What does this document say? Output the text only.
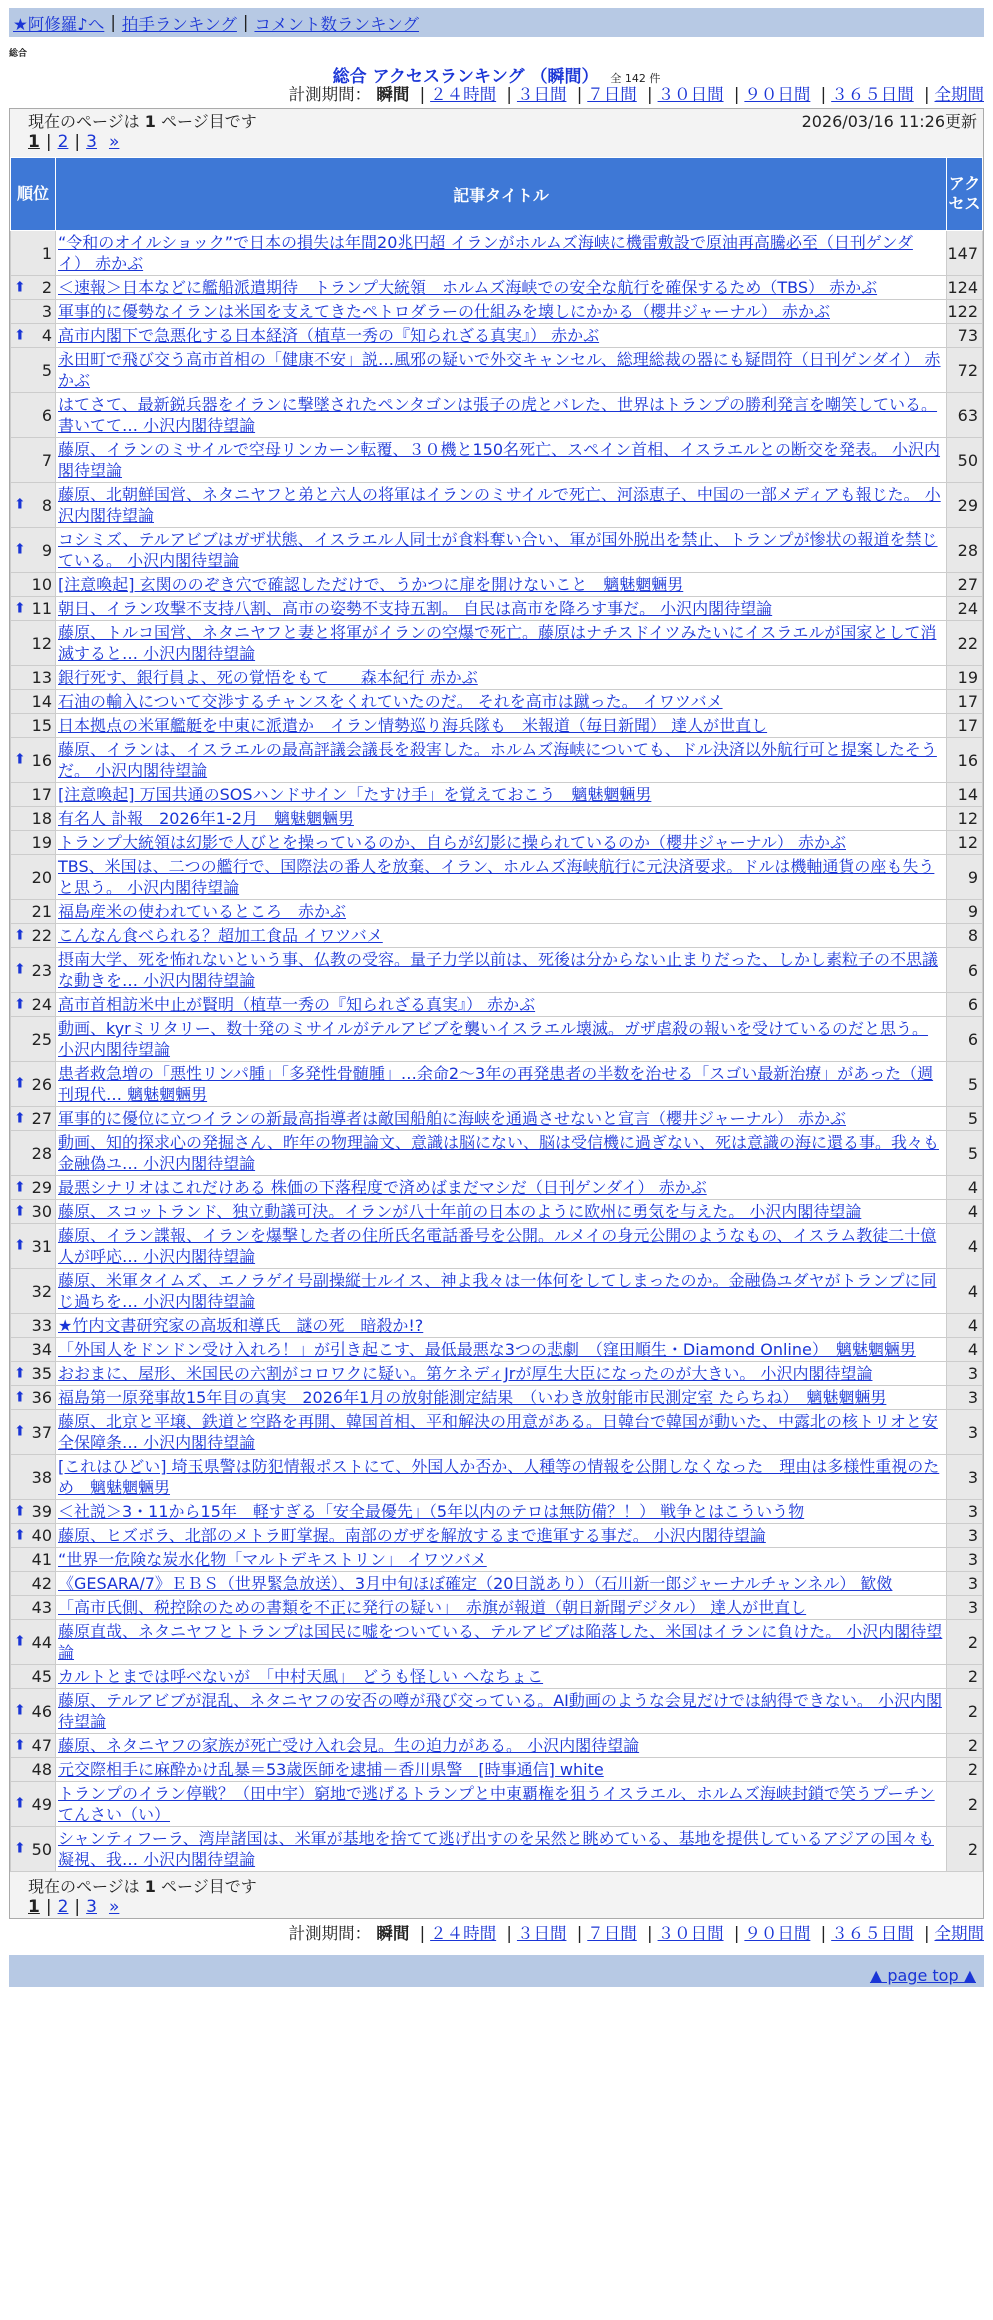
★阿修羅♪へ | 拍手ランキング | コメント数ランキング
総合
総合 アクセスランキング （瞬間） 全 142 件
計測期間： 瞬間 | ２４時間 | ３日間 | ７日間 | ３０日間 | ９０日間 | ３６５日間 | 全期間
現在のページは 1 ページ目です	2026/03/16 11:26更新
1 | 2 | 3 »
順位	記事タイトル	アクセス
1	“令和のオイルショック”で日本の損失は年間20兆円超 イランがホルムズ海峡に機雷敷設で原油再高騰必至（日刊ゲンダイ） 赤かぶ	147

⬆ 2	＜速報＞日本などに艦船派遣期待　トランプ大統領　ホルムズ海峡での安全な航行を確保するため（TBS） 赤かぶ	124
3	軍事的に優勢なイランは米国を支えてきたペトロダラーの仕組みを壊しにかかる（櫻井ジャーナル） 赤かぶ	122

⬆ 4	高市内閣下で急悪化する日本経済（植草一秀の『知られざる真実』） 赤かぶ	73
5	永田町で飛び交う高市首相の「健康不安」説…風邪の疑いで外交キャンセル、総理総裁の器にも疑問符（日刊ゲンダイ） 赤かぶ	72
6	はてさて、最新鋭兵器をイランに撃墜されたペンタゴンは張子の虎とバレた、世界はトランプの勝利発言を嘲笑している。書いてて… 小沢内閣待望論	63
7	藤原、イランのミサイルで空母リンカーン転覆、３０機と150名死亡、スペイン首相、イスラエルとの断交を発表。 小沢内閣待望論	50

⬆ 8	藤原、北朝鮮国営、ネタニヤフと弟と六人の将軍はイランのミサイルで死亡、河添恵子、中国の一部メディアも報じた。 小沢内閣待望論	29

⬆ 9	コシミズ、テルアビブはガザ状態、イスラエル人同士が食料奪い合い、軍が国外脱出を禁止、トランプが惨状の報道を禁じている。 小沢内閣待望論	28
10	[注意喚起] 玄関ののぞき穴で確認しただけで、うかつに扉を開けないこと　魑魅魍魎男	27

⬆ 11	朝日、イラン攻撃不支持八割、高市の姿勢不支持五割。 自民は高市を降ろす事だ。 小沢内閣待望論	24
12	藤原、トルコ国営、ネタニヤフと妻と将軍がイランの空爆で死亡。藤原はナチスドイツみたいにイスラエルが国家として消滅すると… 小沢内閣待望論	22
13	銀行死す、銀行員よ、死の覚悟をもて　　森本紀行 赤かぶ	19
14	石油の輸入について交渉するチャンスをくれていたのだ。 それを高市は蹴った。 イワツバメ	17
15	日本拠点の米軍艦艇を中東に派遣か　イラン情勢巡り海兵隊も　米報道（毎日新聞） 達人が世直し	17

⬆ 16	藤原、イランは、イスラエルの最高評議会議長を殺害した。ホルムズ海峡についても、ドル決済以外航行可と提案したそうだ。 小沢内閣待望論	16
17	[注意喚起] 万国共通のSOSハンドサイン「たすけ手」を覚えておこう　魑魅魍魎男	14
18	有名人 訃報　2026年1-2月　魑魅魍魎男	12
19	トランプ大統領は幻影で人びとを操っているのか、自らが幻影に操られているのか（櫻井ジャーナル） 赤かぶ	12
20	TBS、米国は、二つの艦行で、国際法の番人を放棄、イラン、ホルムズ海峡航行に元決済要求。ドルは機軸通貨の座も失うと思う。 小沢内閣待望論	9
21	福島産米の使われているところ　赤かぶ	9

⬆ 22	こんなん食べられる？超加工食品 イワツバメ	8

⬆ 23	摂南大学、死を怖れないという事、仏教の受容。量子力学以前は、死後は分からない止まりだった、しかし素粒子の不思議な動きを… 小沢内閣待望論	6

⬆ 24	高市首相訪米中止が賢明（植草一秀の『知られざる真実』） 赤かぶ	6
25	動画、kyrミリタリー、数十発のミサイルがテルアビブを襲いイスラエル壊滅。ガザ虐殺の報いを受けているのだと思う。 小沢内閣待望論	6

⬆ 26	患者救急増の「悪性リンパ腫」「多発性骨髄腫」…余命2～3年の再発患者の半数を治せる「スゴい最新治療」があった（週刊現代… 魑魅魍魎男	5

⬆ 27	軍事的に優位に立つイランの新最高指導者は敵国船舶に海峡を通過させないと宣言（櫻井ジャーナル） 赤かぶ	5
28	動画、知的探求心の発掘さん、昨年の物理論文、意識は脳にない、脳は受信機に過ぎない、死は意識の海に還る事。我々も金融偽ユ… 小沢内閣待望論	5

⬆ 29	最悪シナリオはこれだけある 株価の下落程度で済めばまだマシだ（日刊ゲンダイ） 赤かぶ	4

⬆ 30	藤原、スコットランド、独立動議可決。イランが八十年前の日本のように欧州に勇気を与えた。 小沢内閣待望論	4

⬆ 31	藤原、イラン諜報、イランを爆撃した者の住所氏名電話番号を公開。ルメイの身元公開のようなもの、イスラム教徒二十億人が呼応… 小沢内閣待望論	4
32	藤原、米軍タイムズ、エノラゲイ号副操縦士ルイス、神よ我々は一体何をしてしまったのか。金融偽ユダヤがトランプに同じ過ちを… 小沢内閣待望論	4
33	★竹内文書研究家の高坂和導氏　謎の死　暗殺か!?	4
34	「外国人をドンドン受け入れろ！」が引き起こす、最低最悪な3つの悲劇　（窪田順生・Diamond Online）　魑魅魍魎男	4

⬆ 35	おおまに、屋形、米国民の六割がコロワクに疑い。第ケネディJrが厚生大臣になったのが大きい。 小沢内閣待望論	3

⬆ 36	福島第一原発事故15年目の真実　2026年1月の放射能測定結果　（いわき放射能市民測定室 たらちね）　魑魅魍魎男	3

⬆ 37	藤原、北京と平壌、鉄道と空路を再開、韓国首相、平和解決の用意がある。日韓台で韓国が動いた、中露北の核トリオと安全保障条… 小沢内閣待望論	3
38	[これはひどい] 埼玉県警は防犯情報ポストにて、外国人か否か、人種等の情報を公開しなくなった　理由は多様性重視のため　魑魅魍魎男	3

⬆ 39	＜社説＞3・11から15年　軽すぎる「安全最優先」（5年以内のテロは無防備？！） 戦争とはこういう物	3

⬆ 40	藤原、ヒズボラ、北部のメトラ町掌握。南部のガザを解放するまで進軍する事だ。 小沢内閣待望論	3
41	“世界一危険な炭水化物「マルトデキストリン」 イワツバメ	3
42	《GESARA/7》ＥＢＳ（世界緊急放送）、3月中旬ほぼ確定（20日説あり）（石川新一郎ジャーナルチャンネル） 歓傚	3
43	「高市氏側、税控除のための書類を不正に発行の疑い」　赤旗が報道（朝日新聞デジタル） 達人が世直し	3

⬆ 44	藤原直哉、ネタニヤフとトランプは国民に嘘をついている、テルアビブは陥落した、米国はイランに負けた。 小沢内閣待望論	2
45	カルトとまでは呼べないが　「中村天風」　どうも怪しい へなちょこ	2

⬆ 46	藤原、テルアビブが混乱、ネタニヤフの安否の噂が飛び交っている。AI動画のような会見だけでは納得できない。 小沢内閣待望論	2

⬆ 47	藤原、ネタニヤフの家族が死亡受け入れ会見。生の迫力がある。 小沢内閣待望論	2
48	元交際相手に麻酔かけ乱暴＝53歳医師を逮捕－香川県警　[時事通信] white	2

⬆ 49	トランプのイラン停戦？（田中宇）窮地で逃げるトランプと中東覇権を狙うイスラエル、ホルムズ海峡封鎖で笑うプーチンてんさい（い）	2

⬆ 50	シャンティフーラ、湾岸諸国は、米軍が基地を捨てて逃げ出すのを呆然と眺めている、基地を提供しているアジアの国々も凝視、我… 小沢内閣待望論	2
現在のページは 1 ページ目です
1 | 2 | 3 »
計測期間： 瞬間 | ２４時間 | ３日間 | ７日間 | ３０日間 | ９０日間 | ３６５日間 | 全期間
▲ page top ▲
